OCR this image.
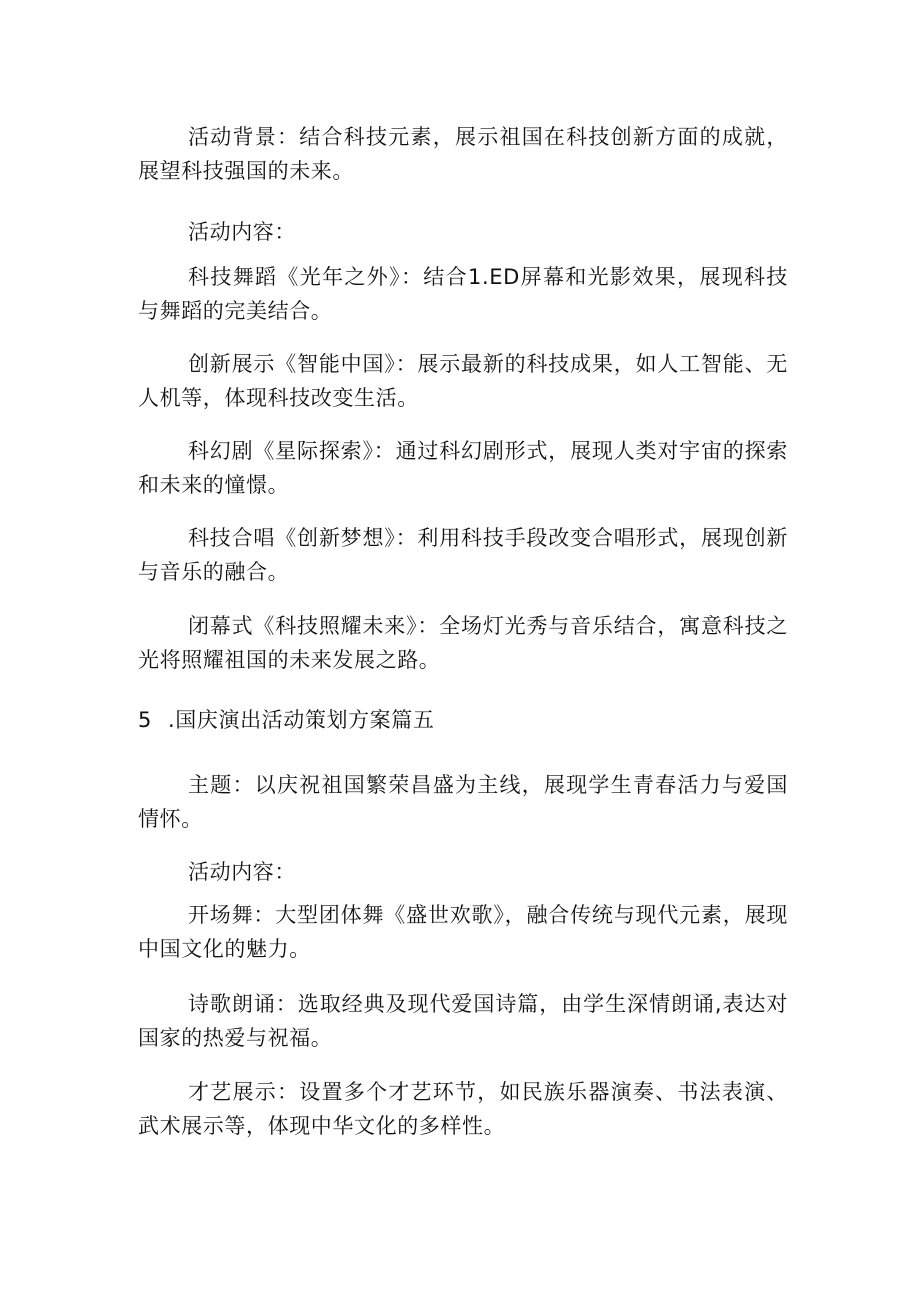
活动背景：结合科技元素，展示祖国在科技创新方面的成就，展望科技强国的未来。

活动内容：

科技舞蹈《光年之外》：结合1.ED屏幕和光影效果，展现科技与舞蹈的完美结合。

创新展示《智能中国》：展示最新的科技成果，如人工智能、无人机等，体现科技改变生活。

科幻剧《星际探索》：通过科幻剧形式，展现人类对宇宙的探索和未来的憧憬。

科技合唱《创新梦想》：利用科技手段改变合唱形式，展现创新与音乐的融合。

闭幕式《科技照耀未来》：全场灯光秀与音乐结合，寓意科技之光将照耀祖国的未来发展之路。

5 .国庆演出活动策划方案篇五

主题：以庆祝祖国繁荣昌盛为主线，展现学生青春活力与爱国情怀。

活动内容：

开场舞：大型团体舞《盛世欢歌》，融合传统与现代元素，展现中国文化的魅力。

诗歌朗诵：选取经典及现代爱国诗篇，由学生深情朗诵,表达对国家的热爱与祝福。

才艺展示：设置多个才艺环节，如民族乐器演奏、书法表演、武术展示等，体现中华文化的多样性。
